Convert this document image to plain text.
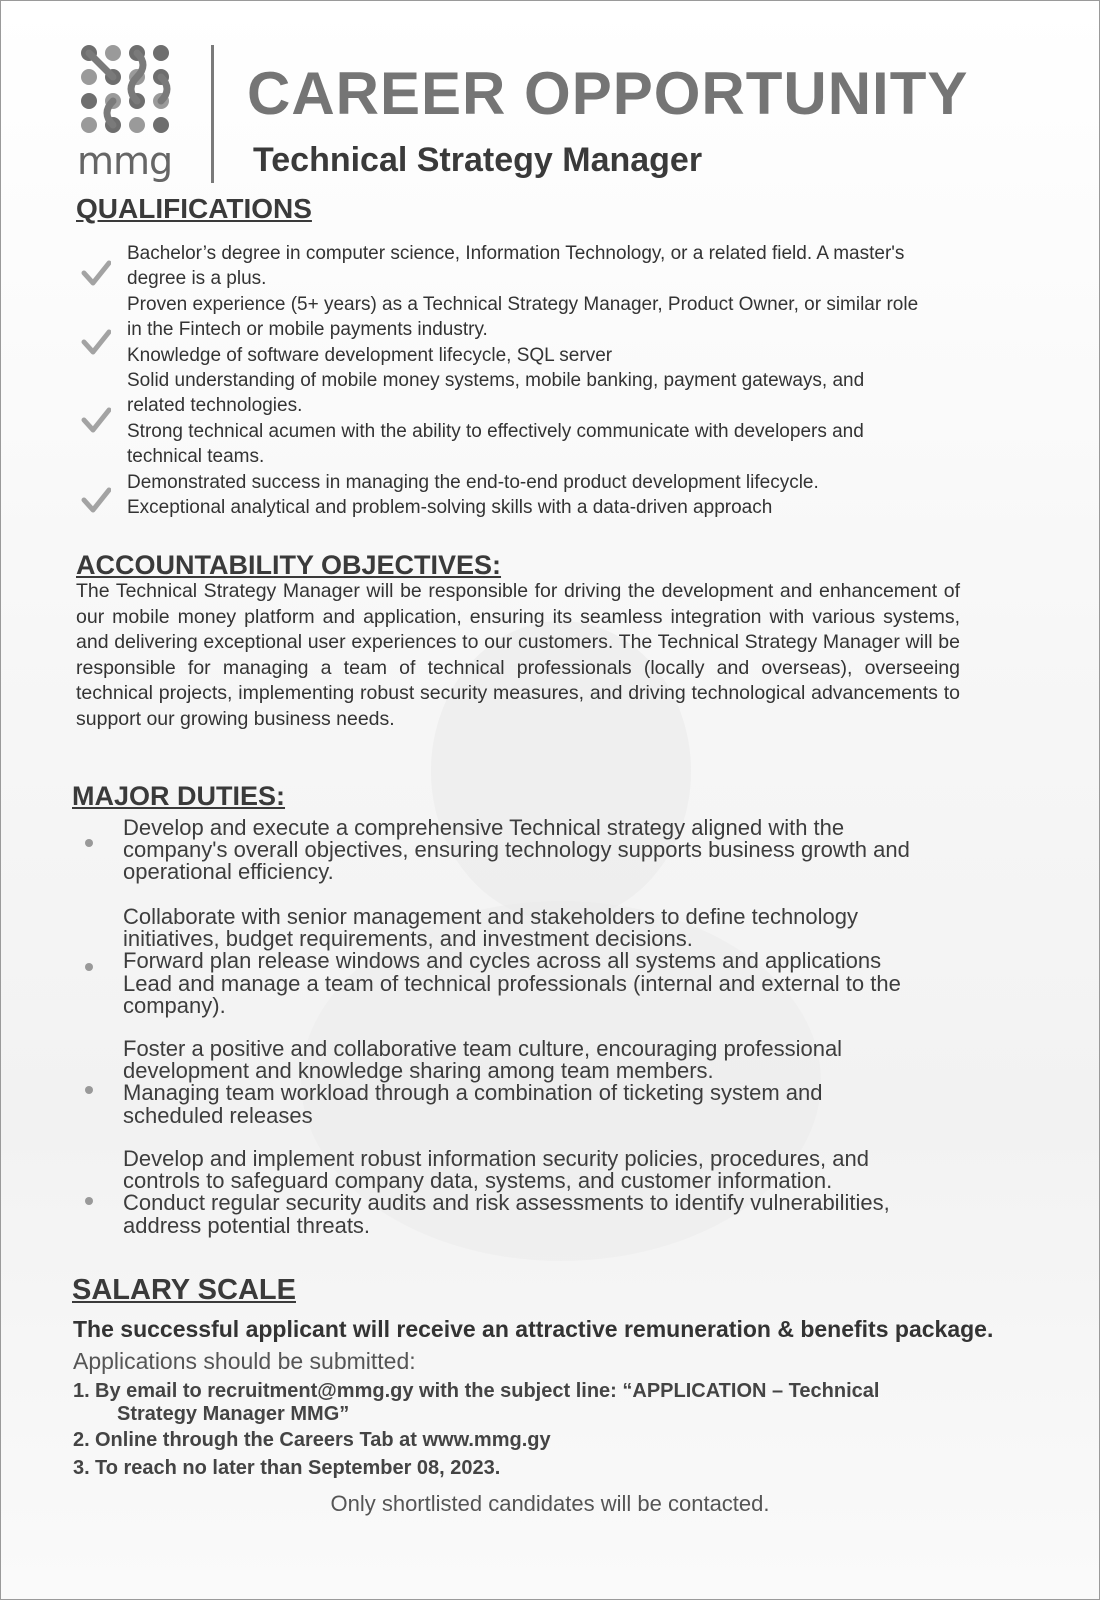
mmg
CAREER OPPORTUNITY
Technical Strategy Manager
QUALIFICATIONS
Bachelor’s degree in computer science, Information Technology, or a related field. A master's
degree is a plus.
Proven experience (5+ years) as a Technical Strategy Manager, Product Owner, or similar role
in the Fintech or mobile payments industry.
Knowledge of software development lifecycle, SQL server
Solid understanding of mobile money systems, mobile banking, payment gateways, and
related technologies.
Strong technical acumen with the ability to effectively communicate with developers and
technical teams.
Demonstrated success in managing the end-to-end product development lifecycle.
Exceptional analytical and problem-solving skills with a data-driven approach
ACCOUNTABILITY OBJECTIVES:
The Technical Strategy Manager will be responsible for driving the development and enhancement of our mobile money platform and application, ensuring its seamless integration with various systems, and delivering exceptional user experiences to our customers. The Technical Strategy Manager will be responsible for managing a team of technical professionals (locally and overseas), overseeing technical projects, implementing robust security measures, and driving technological advancements to support our growing business needs.
MAJOR DUTIES:
Develop and execute a comprehensive Technical strategy aligned with the
company's overall objectives, ensuring technology supports business growth and
operational efficiency.
Collaborate with senior management and stakeholders to define technology
initiatives, budget requirements, and investment decisions.
Forward plan release windows and cycles across all systems and applications
Lead and manage a team of technical professionals (internal and external to the
company).
Foster a positive and collaborative team culture, encouraging professional
development and knowledge sharing among team members.
Managing team workload through a combination of ticketing system and
scheduled releases
Develop and implement robust information security policies, procedures, and
controls to safeguard company data, systems, and customer information.
Conduct regular security audits and risk assessments to identify vulnerabilities,
address potential threats.
SALARY SCALE
The successful applicant will receive an attractive remuneration & benefits package.
Applications should be submitted:
1. By email to recruitment@mmg.gy with the subject line: “APPLICATION – Technical
Strategy Manager MMG”
2. Online through the Careers Tab at www.mmg.gy
3. To reach no later than September 08, 2023.
Only shortlisted candidates will be contacted.
